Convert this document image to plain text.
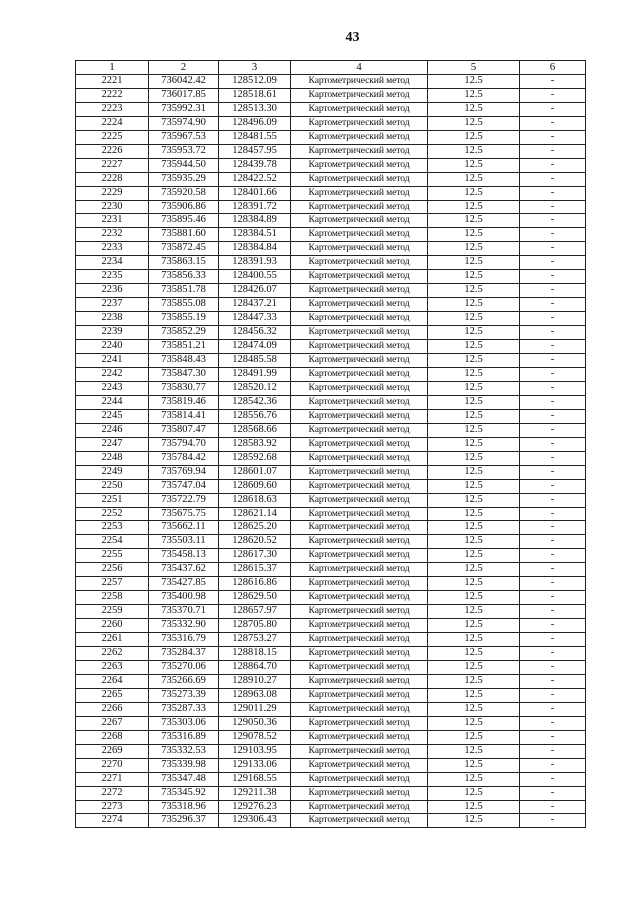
43
1	2	3	4	5	6
2221	736042.42	128512.09	Картометрический метод	12.5	-
2222	736017.85	128518.61	Картометрический метод	12.5	-
2223	735992.31	128513.30	Картометрический метод	12.5	-
2224	735974.90	128496.09	Картометрический метод	12.5	-
2225	735967.53	128481.55	Картометрический метод	12.5	-
2226	735953.72	128457.95	Картометрический метод	12.5	-
2227	735944.50	128439.78	Картометрический метод	12.5	-
2228	735935.29	128422.52	Картометрический метод	12.5	-
2229	735920.58	128401.66	Картометрический метод	12.5	-
2230	735906.86	128391.72	Картометрический метод	12.5	-
2231	735895.46	128384.89	Картометрический метод	12.5	-
2232	735881.60	128384.51	Картометрический метод	12.5	-
2233	735872.45	128384.84	Картометрический метод	12.5	-
2234	735863.15	128391.93	Картометрический метод	12.5	-
2235	735856.33	128400.55	Картометрический метод	12.5	-
2236	735851.78	128426.07	Картометрический метод	12.5	-
2237	735855.08	128437.21	Картометрический метод	12.5	-
2238	735855.19	128447.33	Картометрический метод	12.5	-
2239	735852.29	128456.32	Картометрический метод	12.5	-
2240	735851.21	128474.09	Картометрический метод	12.5	-
2241	735848.43	128485.58	Картометрический метод	12.5	-
2242	735847.30	128491.99	Картометрический метод	12.5	-
2243	735830.77	128520.12	Картометрический метод	12.5	-
2244	735819.46	128542.36	Картометрический метод	12.5	-
2245	735814.41	128556.76	Картометрический метод	12.5	-
2246	735807.47	128568.66	Картометрический метод	12.5	-
2247	735794.70	128583.92	Картометрический метод	12.5	-
2248	735784.42	128592.68	Картометрический метод	12.5	-
2249	735769.94	128601.07	Картометрический метод	12.5	-
2250	735747.04	128609.60	Картометрический метод	12.5	-
2251	735722.79	128618.63	Картометрический метод	12.5	-
2252	735675.75	128621.14	Картометрический метод	12.5	-
2253	735662.11	128625.20	Картометрический метод	12.5	-
2254	735503.11	128620.52	Картометрический метод	12.5	-
2255	735458.13	128617.30	Картометрический метод	12.5	-
2256	735437.62	128615.37	Картометрический метод	12.5	-
2257	735427.85	128616.86	Картометрический метод	12.5	-
2258	735400.98	128629.50	Картометрический метод	12.5	-
2259	735370.71	128657.97	Картометрический метод	12.5	-
2260	735332.90	128705.80	Картометрический метод	12.5	-
2261	735316.79	128753.27	Картометрический метод	12.5	-
2262	735284.37	128818.15	Картометрический метод	12.5	-
2263	735270.06	128864.70	Картометрический метод	12.5	-
2264	735266.69	128910.27	Картометрический метод	12.5	-
2265	735273.39	128963.08	Картометрический метод	12.5	-
2266	735287.33	129011.29	Картометрический метод	12.5	-
2267	735303.06	129050.36	Картометрический метод	12.5	-
2268	735316.89	129078.52	Картометрический метод	12.5	-
2269	735332.53	129103.95	Картометрический метод	12.5	-
2270	735339.98	129133.06	Картометрический метод	12.5	-
2271	735347.48	129168.55	Картометрический метод	12.5	-
2272	735345.92	129211.38	Картометрический метод	12.5	-
2273	735318.96	129276.23	Картометрический метод	12.5	-
2274	735296.37	129306.43	Картометрический метод	12.5	-
